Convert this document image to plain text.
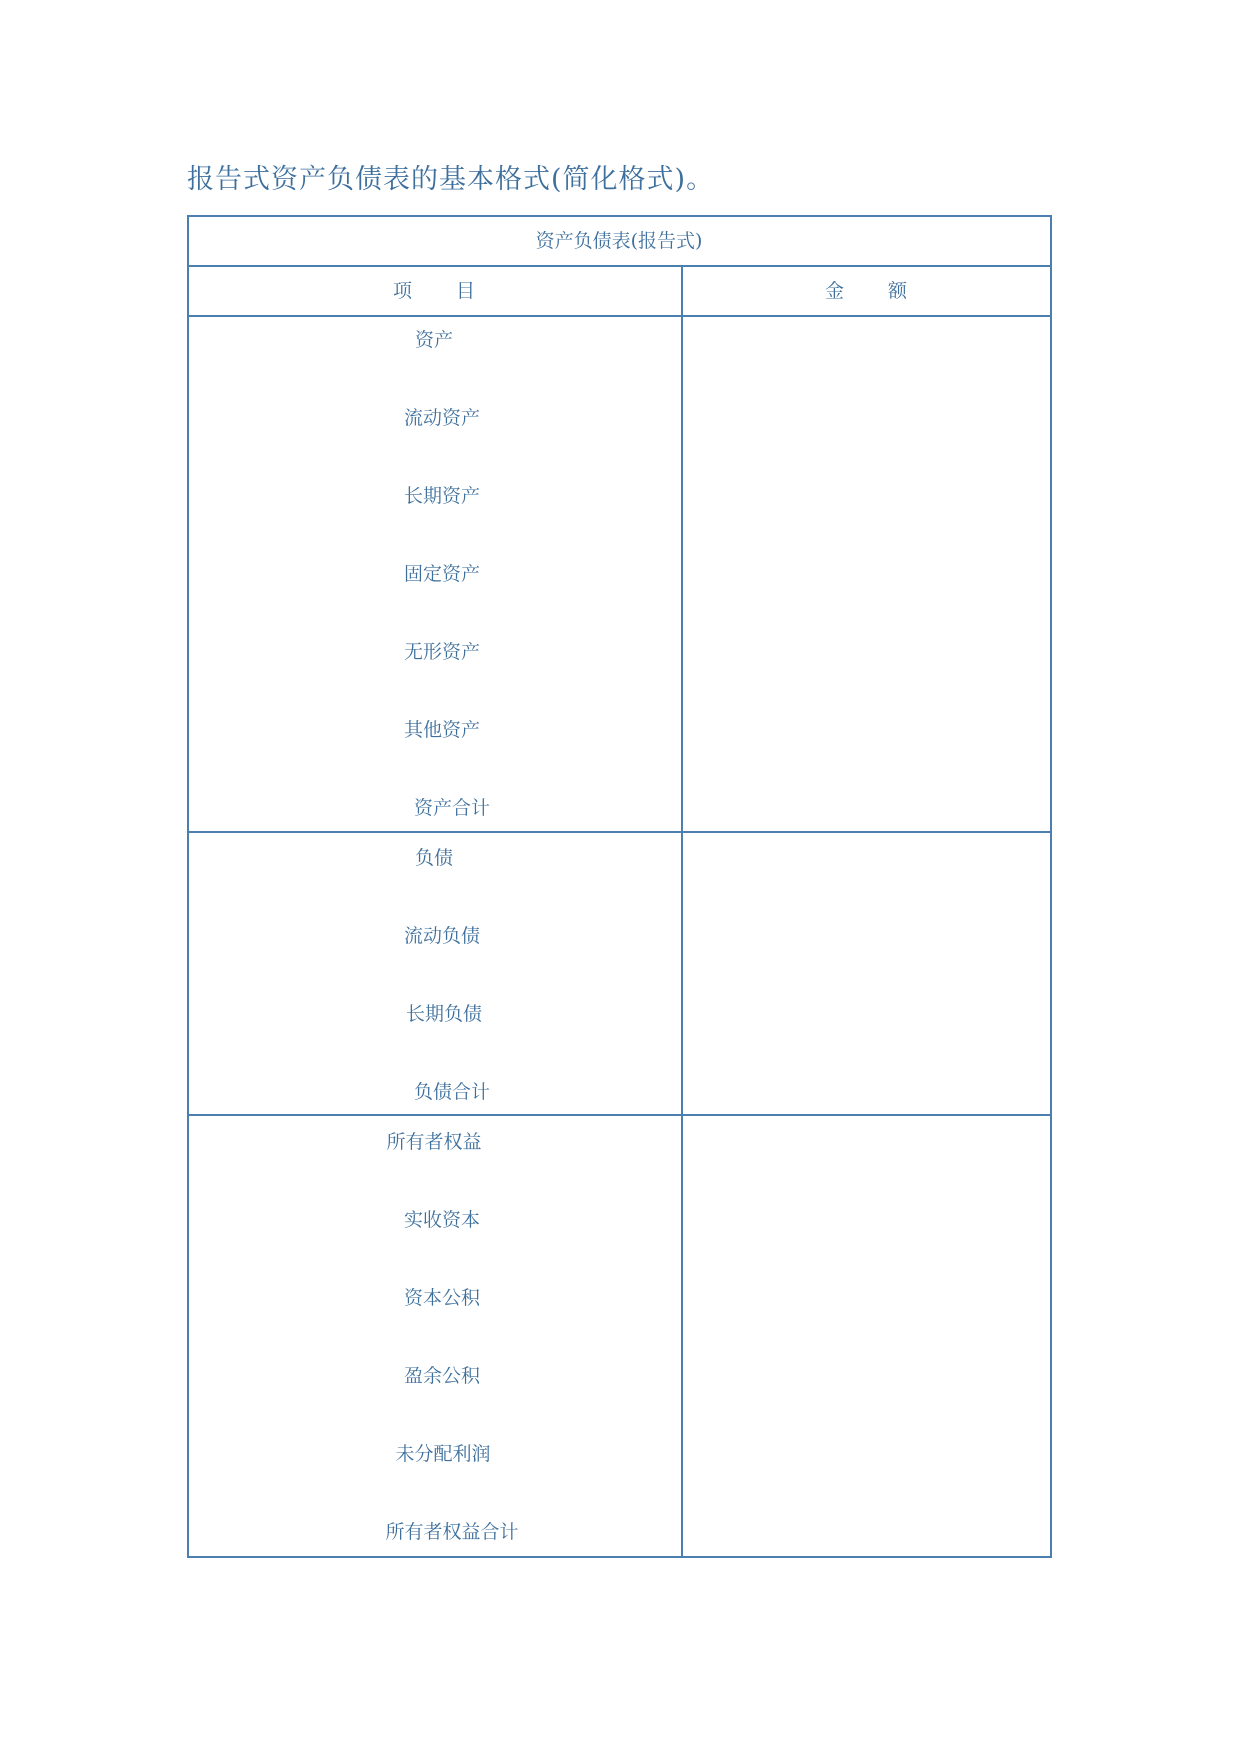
报告式资产负债表的基本格式(简化格式)。
资产负债表(报告式)
项　　目	金　　额
资产
流动资产
长期资产
固定资产
无形资产
其他资产
资产合计
负债
流动负债
长期负债
负债合计
所有者权益
实收资本
资本公积
盈余公积
未分配利润
所有者权益合计
